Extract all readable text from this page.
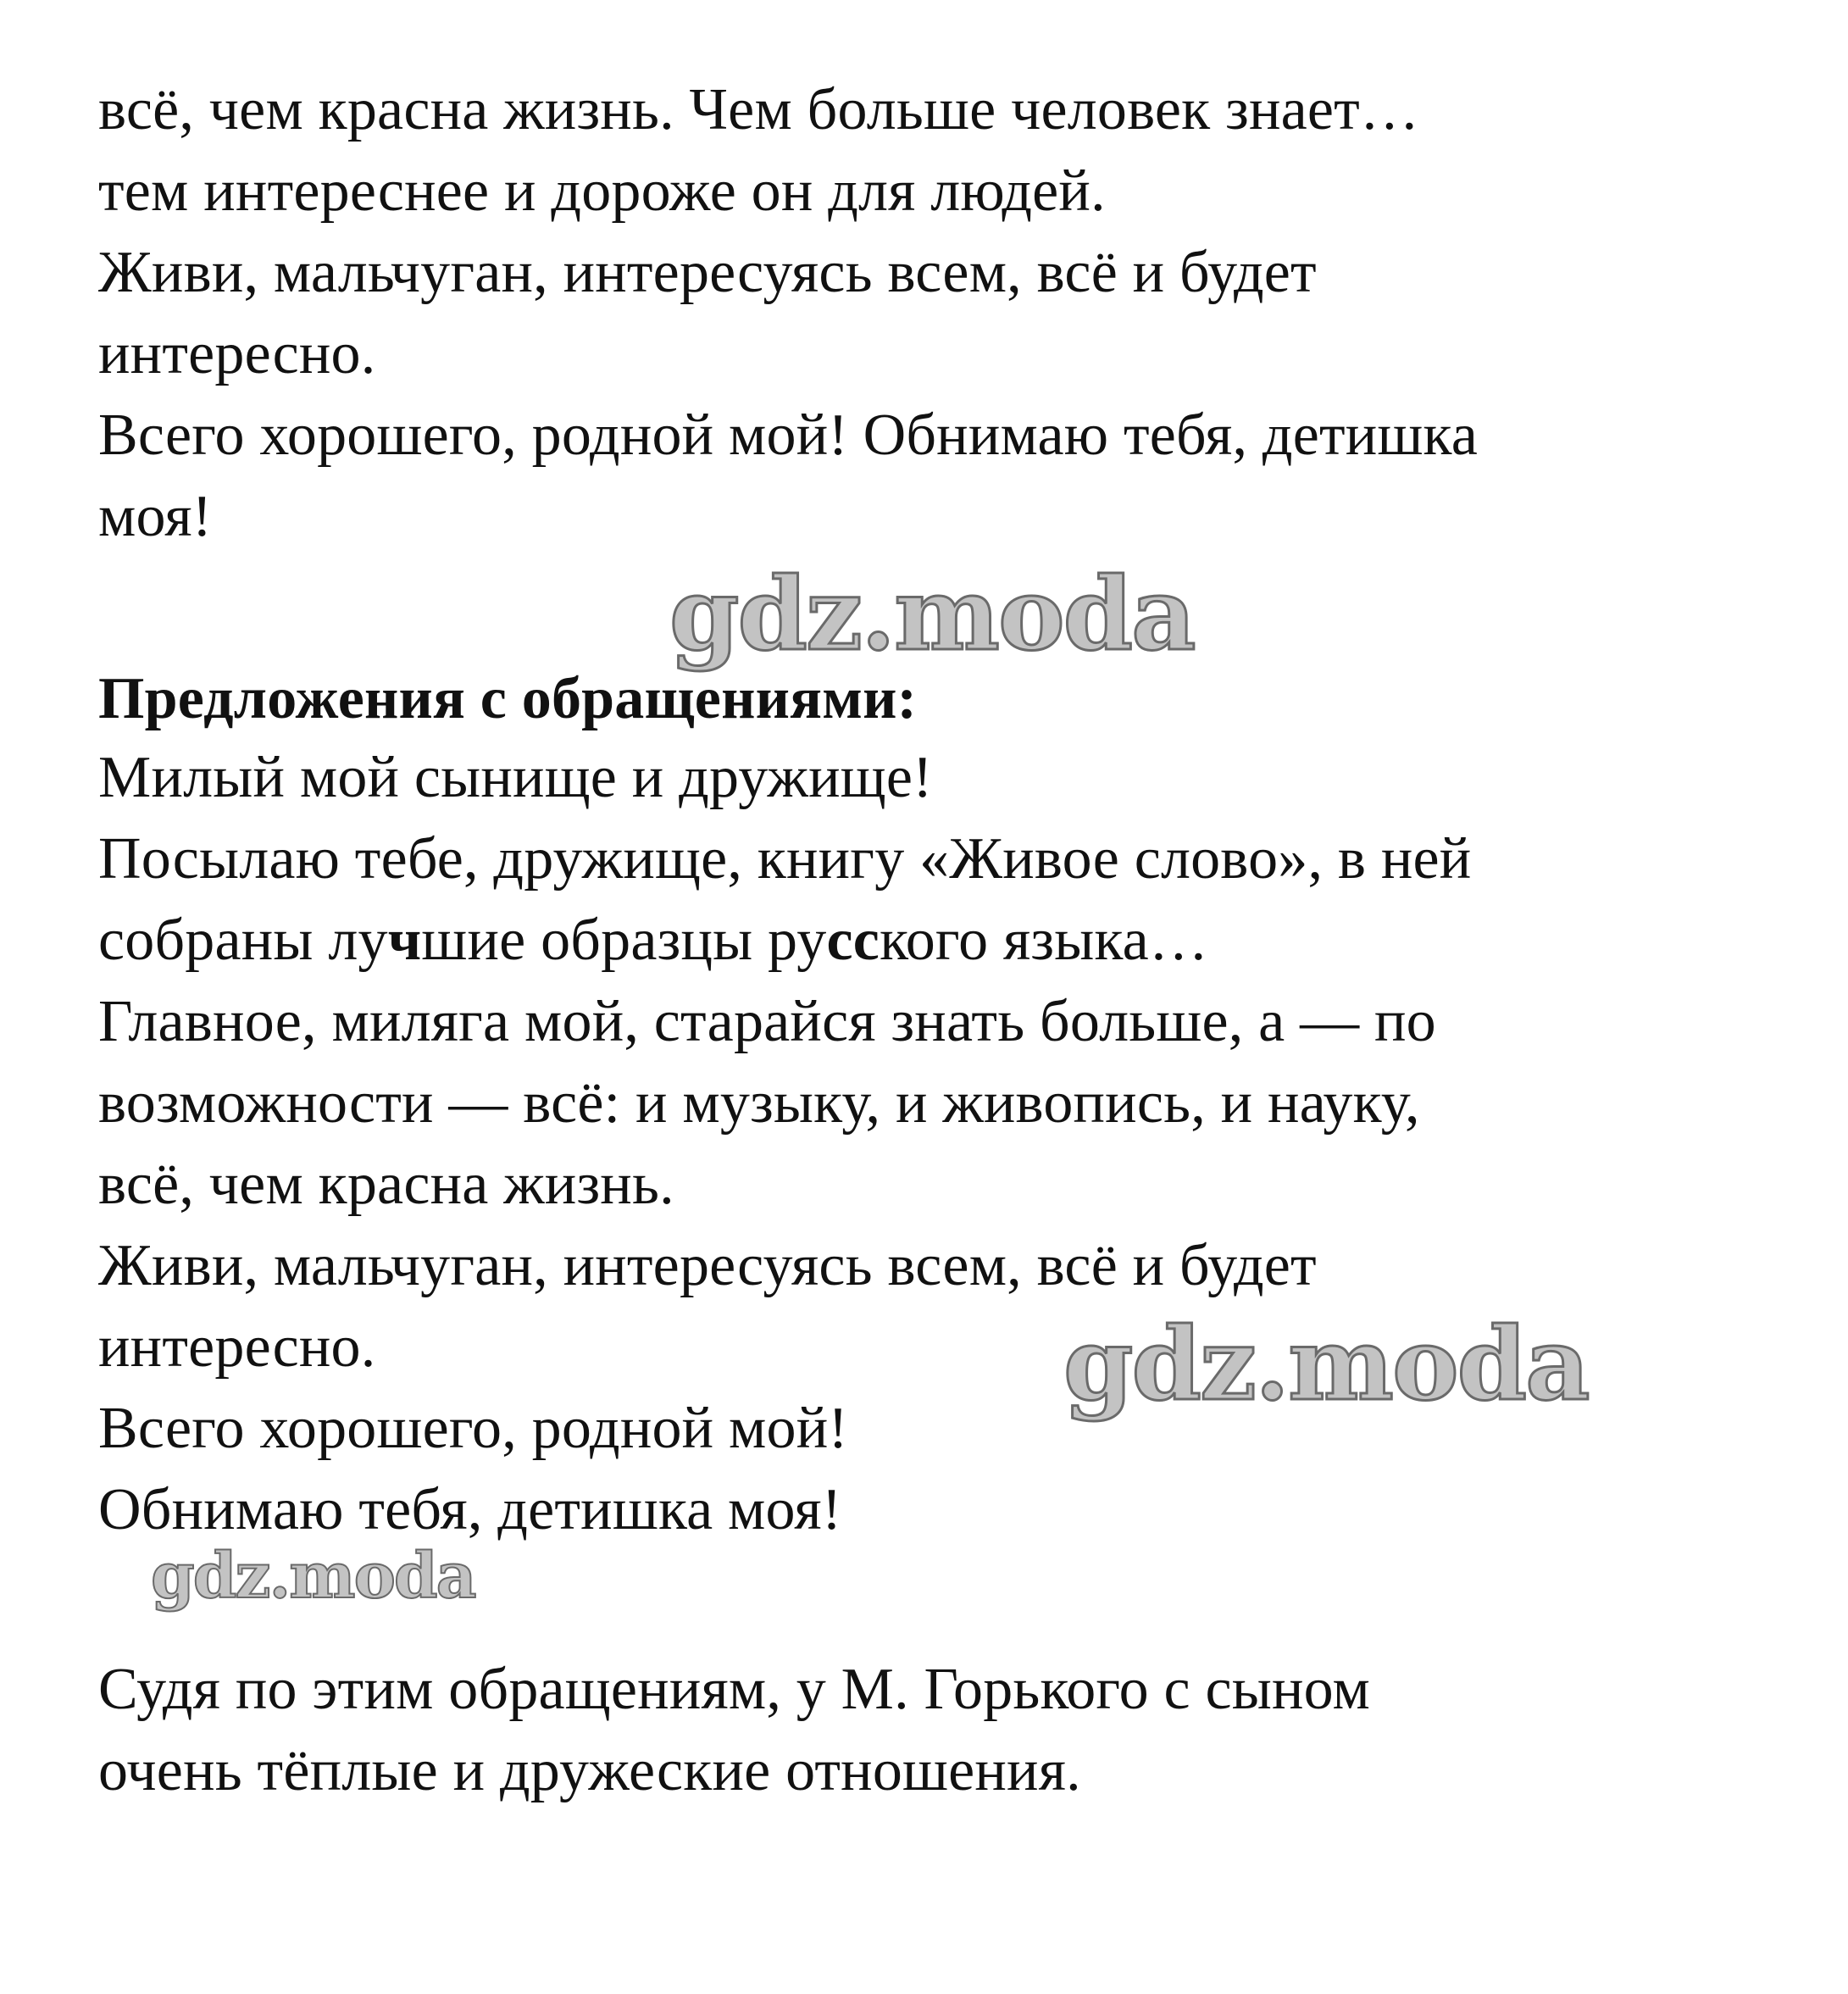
всё, чем красна жизнь. Чем больше человек знает…
тем интереснее и дороже он для людей.
Живи, мальчуган, интересуясь всем, всё и будет
интересно.
Всего хорошего, родной мой! Обнимаю тебя, детишка
моя!
Предложения с обращениями:
Милый мой сынище и дружище!
Посылаю тебе, дружище, книгу «Живое слово», в ней
собраны лучшие образцы русского языка…
Главное, миляга мой, старайся знать больше, а — по
возможности — всё: и музыку, и живопись, и науку,
всё, чем красна жизнь.
Живи, мальчуган, интересуясь всем, всё и будет
интересно.
Всего хорошего, родной мой!
Обнимаю тебя, детишка моя!
Судя по этим обращениям, у М. Горького с сыном
очень тёплые и дружеские отношения.
gdz.moda
gdz.moda
gdz.moda
